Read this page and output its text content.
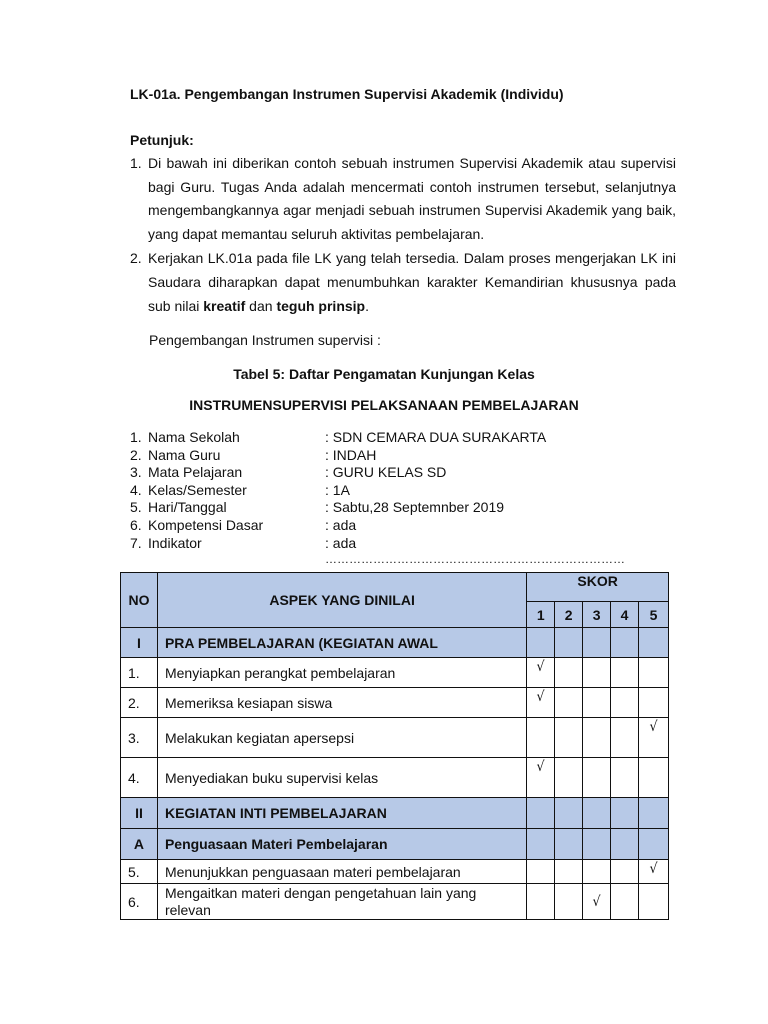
LK-01a. Pengembangan Instrumen Supervisi Akademik (Individu)
Petunjuk:
1. Di bawah ini diberikan contoh sebuah instrumen Supervisi Akademik atau supervisi bagi Guru. Tugas Anda adalah mencermati contoh instrumen tersebut, selanjutnya mengembangkannya agar menjadi sebuah instrumen Supervisi Akademik yang baik, yang dapat memantau seluruh aktivitas pembelajaran.
2. Kerjakan LK.01a pada file LK yang telah tersedia. Dalam proses mengerjakan LK ini Saudara diharapkan dapat menumbuhkan karakter Kemandirian khususnya pada sub nilai kreatif dan teguh prinsip.
Pengembangan Instrumen supervisi :
Tabel 5: Daftar Pengamatan Kunjungan Kelas
INSTRUMENSUPERVISI PELAKSANAAN PEMBELAJARAN
1. Nama Sekolah	: SDN CEMARA DUA SURAKARTA
2. Nama Guru	: INDAH
3. Mata Pelajaran	: GURU KELAS SD
4. Kelas/Semester	: 1A
5. Hari/Tanggal	: Sabtu,28 Septemnber 2019
6. Kompetensi Dasar	: ada
7. Indikator	: ada
…………………………………………………………………
NO	ASPEK YANG DINILAI	SKOR				
		1	2	3	4	5
I	PRA PEMBELAJARAN (KEGIATAN AWAL					
1.	Menyiapkan perangkat pembelajaran	√				
2.	Memeriksa kesiapan siswa	√				
3.	Melakukan kegiatan apersepsi					√
4.	Menyediakan buku supervisi kelas	√				
II	KEGIATAN INTI PEMBELAJARAN					
A	Penguasaan Materi Pembelajaran					
5.	Menunjukkan penguasaan materi pembelajaran					√
6.	Mengaitkan materi dengan pengetahuan lain yang
relevan			√		
